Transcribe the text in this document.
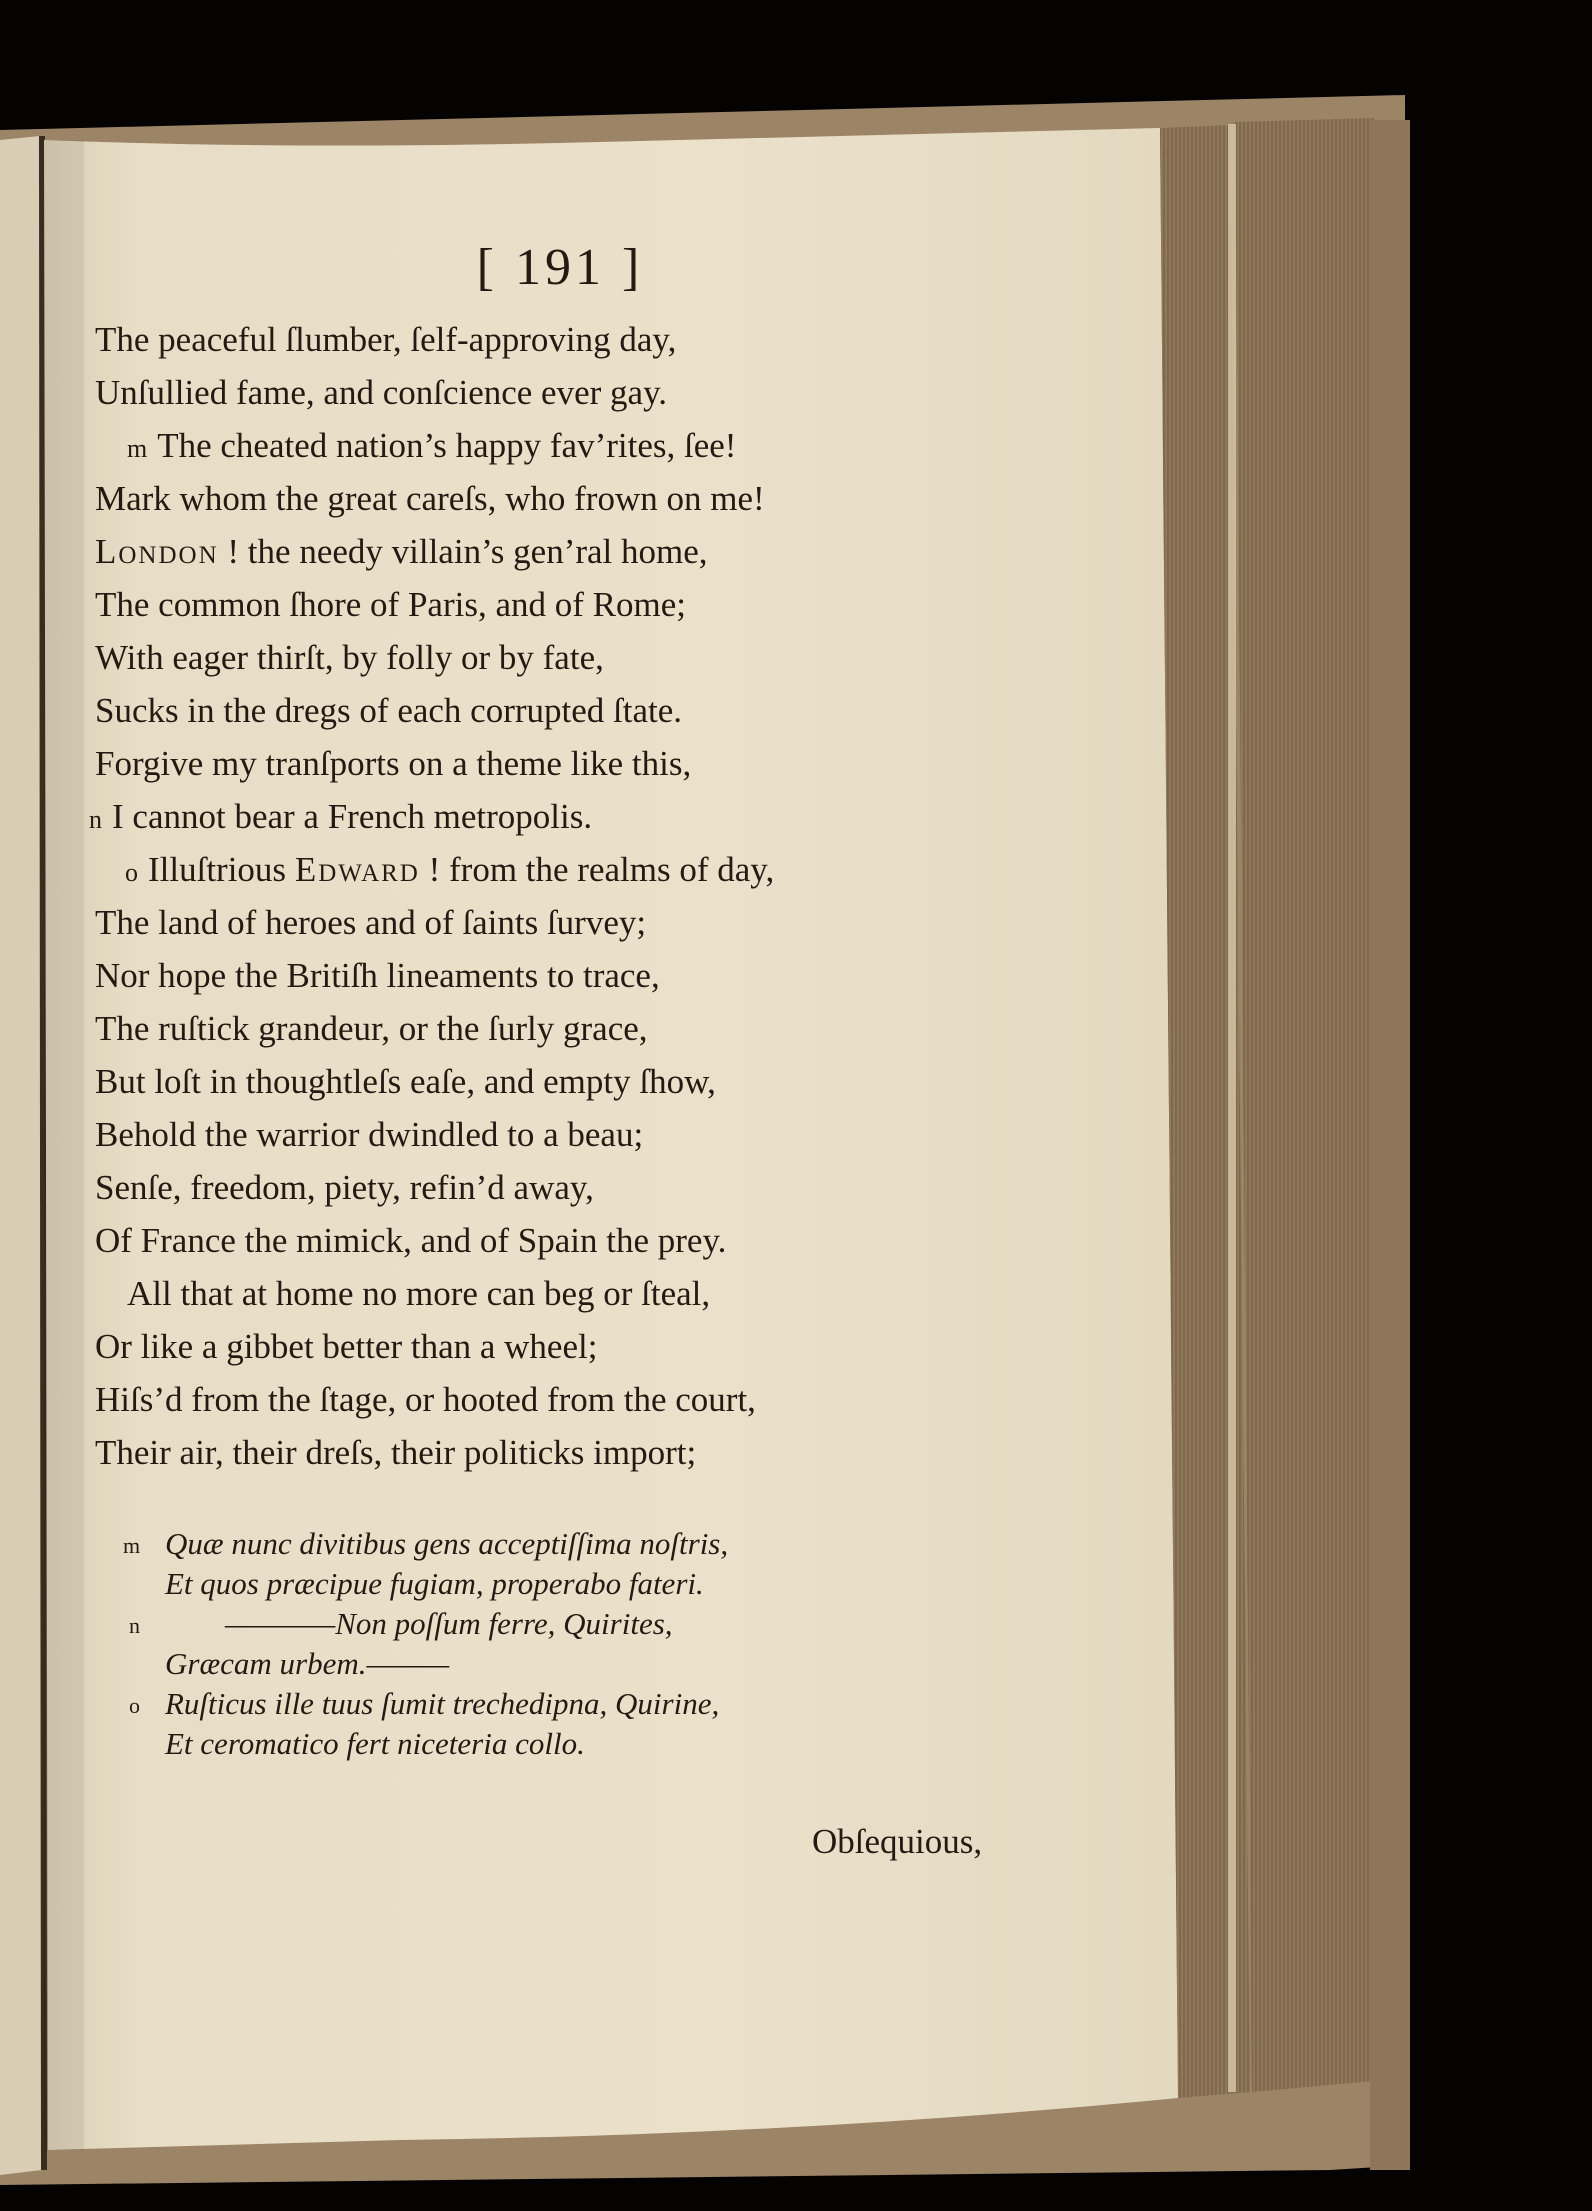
[ 191 ]
The peaceful ſlumber, ſelf-approving day,
Unſullied fame, and conſcience ever gay.
m The cheated nation’s happy fav’rites, ſee!
Mark whom the great careſs, who frown on me!
London ! the needy villain’s gen’ral home,
The common ſhore of Paris, and of Rome;
With eager thirſt, by folly or by fate,
Sucks in the dregs of each corrupted ſtate.
Forgive my tranſports on a theme like this,
n I cannot bear a French metropolis.
o Illuſtrious Edward ! from the realms of day,
The land of heroes and of ſaints ſurvey;
Nor hope the Britiſh lineaments to trace,
The ruſtick grandeur, or the ſurly grace,
But loſt in thoughtleſs eaſe, and empty ſhow,
Behold the warrior dwindled to a beau;
Senſe, freedom, piety, refin’d away,
Of France the mimick, and of Spain the prey.
All that at home no more can beg or ſteal,
Or like a gibbet better than a wheel;
Hiſs’d from the ſtage, or hooted from the court,
Their air, their dreſs, their politicks import;
m Quæ nunc divitibus gens acceptiſſima noſtris,
Et quos præcipue fugiam, properabo fateri.
n	————Non poſſum ferre, Quirites,
Græcam urbem.———
o Ruſticus ille tuus ſumit trechedipna, Quirine,
Et ceromatico fert niceteria collo.
Obſequious,
